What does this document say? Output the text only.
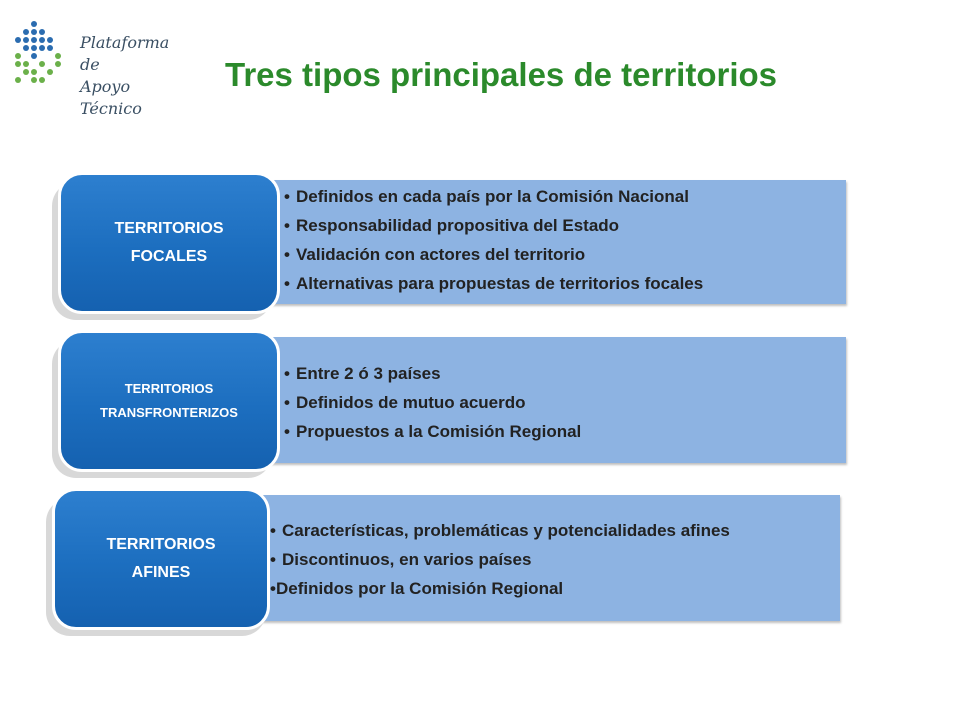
Plataforma de
Apoyo Técnico
Tres tipos principales de territorios
• Definidos en cada país por la Comisión Nacional
• Responsabilidad propositiva del Estado
• Validación con actores del territorio
• Alternativas para propuestas de territorios focales
TERRITORIOS
FOCALES
• Entre 2 ó 3 países
• Definidos de mutuo acuerdo
• Propuestos a la Comisión Regional
TERRITORIOS
TRANSFRONTERIZOS
• Características, problemáticas y potencialidades afines
• Discontinuos, en varios países
•Definidos por la Comisión Regional
TERRITORIOS
AFINES
